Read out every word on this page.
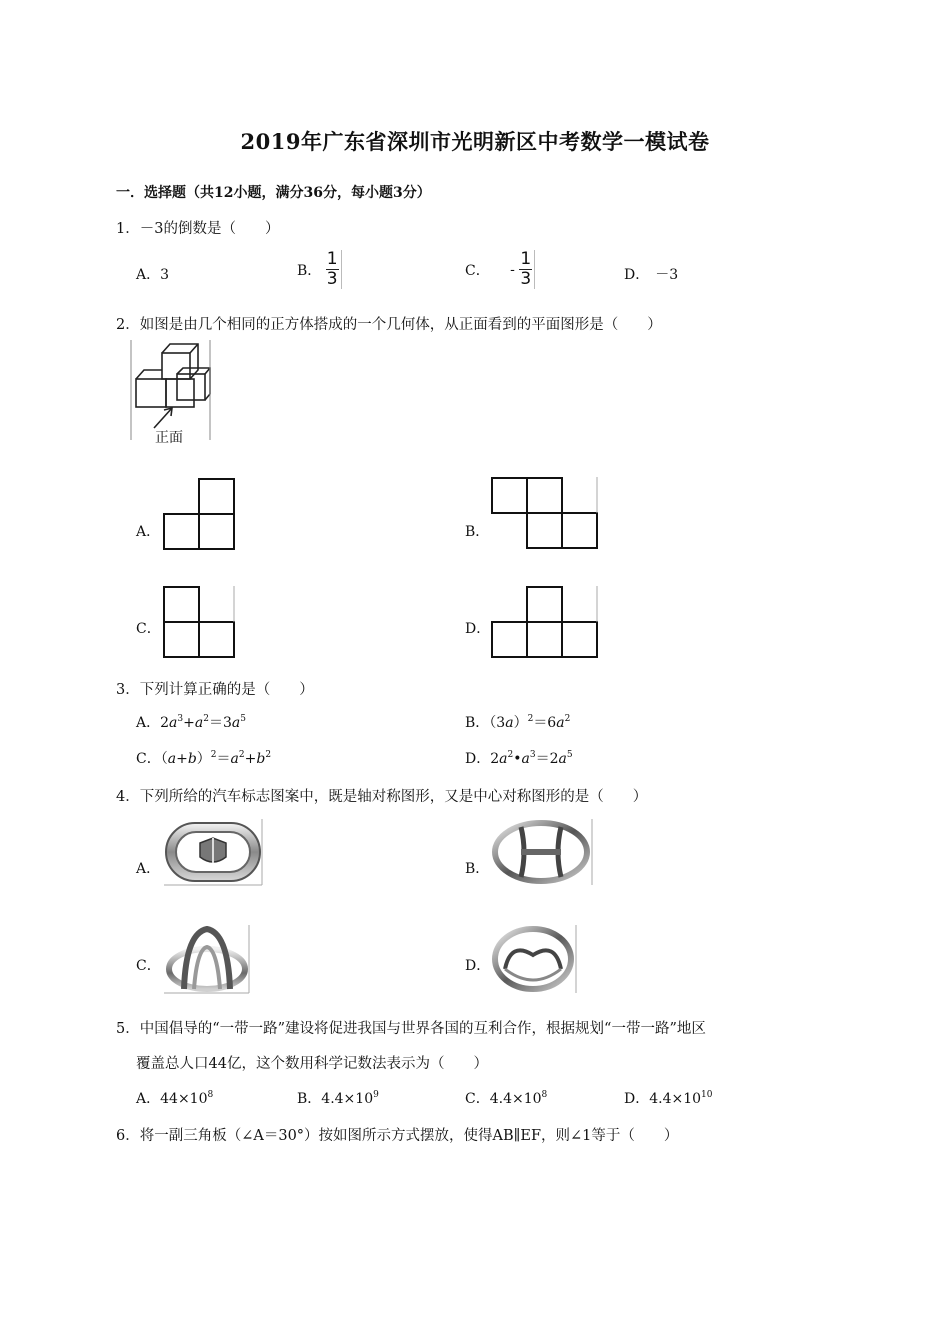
2019年广东省深圳市光明新区中考数学一模试卷
一．选择题（共12小题，满分36分，每小题3分）
1．－3的倒数是（　　）
A．3	B． $\frac{1}{3}$	C． - $\frac{1}{3}$	D． －3
2．如图是由几个相同的正方体搭成的一个几何体，从正面看到的平面图形是（　　）
正面
A．	B．
C．	D．
3．下列计算正确的是（　　）
A．$2a^3+a^2=3a^5$	B．$(3a)^2=6a^2$
C．$(a+b)^2=a^2+b^2$	D．$2a^2•a^3=2a^5$
4．下列所给的汽车标志图案中，既是轴对称图形，又是中心对称图形的是（　　）
A．	B．
C．	D．
5．中国倡导的“一带一路”建设将促进我国与世界各国的互利合作，根据规划“一带一路”地区
覆盖总人口44亿，这个数用科学记数法表示为（　　）
A．$44\times 10^8$	B．$4.4\times 10^9$	C．$4.4\times 10^8$	D．$4.4\times 10^{10}$
6．将一副三角板（∠A＝30°）按如图所示方式摆放，使得AB∥EF，则∠1等于（　　）
